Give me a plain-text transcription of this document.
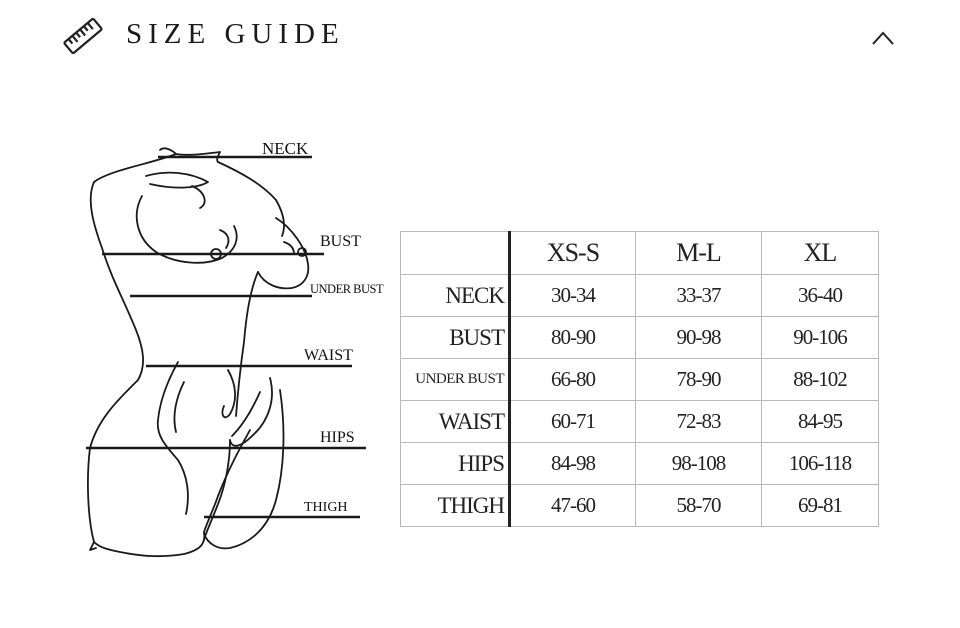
SIZE GUIDE
NECK
BUST
UNDER BUST
WAIST
HIPS
THIGH
	XS-S	M-L	XL
NECK	30-34	33-37	36-40
BUST	80-90	90-98	90-106
UNDER BUST	66-80	78-90	88-102
WAIST	60-71	72-83	84-95
HIPS	84-98	98-108	106-118
THIGH	47-60	58-70	69-81
